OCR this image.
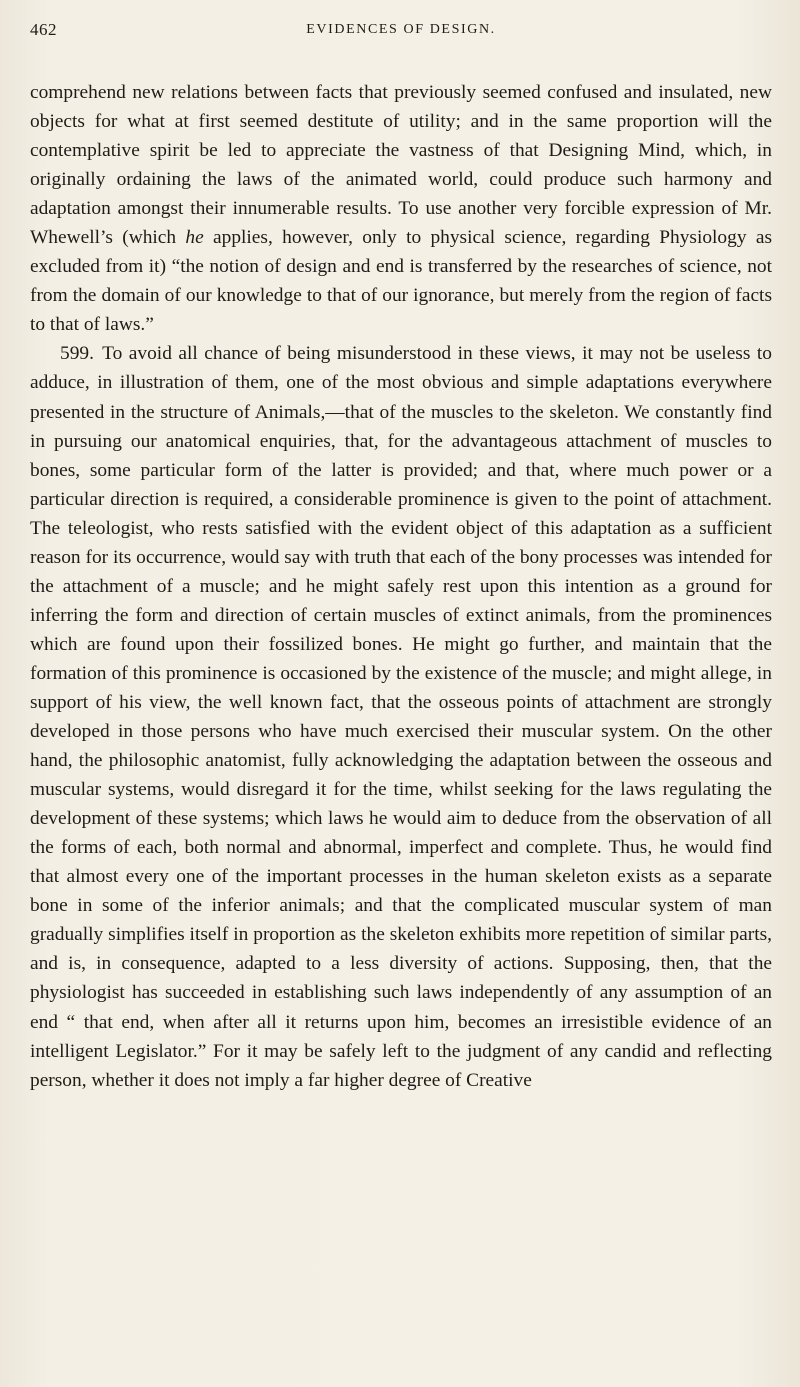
462	EVIDENCES OF DESIGN.

comprehend new relations between facts that previously seemed confused and insulated, new objects for what at first seemed destitute of utility; and in the same proportion will the contemplative spirit be led to appreciate the vastness of that Designing Mind, which, in originally ordaining the laws of the animated world, could produce such harmony and adaptation amongst their innumerable results. To use another very forcible expression of Mr. Whewell’s (which he applies, however, only to physical science, regarding Physiology as excluded from it) “the notion of design and end is transferred by the researches of science, not from the domain of our knowledge to that of our ignorance, but merely from the region of facts to that of laws.”

599. To avoid all chance of being misunderstood in these views, it may not be useless to adduce, in illustration of them, one of the most obvious and simple adaptations everywhere presented in the structure of Animals,—that of the muscles to the skeleton. We constantly find in pursuing our anatomical enquiries, that, for the advantageous attachment of muscles to bones, some particular form of the latter is provided; and that, where much power or a particular direction is required, a considerable prominence is given to the point of attachment. The teleologist, who rests satisfied with the evident object of this adaptation as a sufficient reason for its occurrence, would say with truth that each of the bony processes was intended for the attachment of a muscle; and he might safely rest upon this intention as a ground for inferring the form and direction of certain muscles of extinct animals, from the prominences which are found upon their fossilized bones. He might go further, and maintain that the formation of this prominence is occasioned by the existence of the muscle; and might allege, in support of his view, the well known fact, that the osseous points of attachment are strongly developed in those persons who have much exercised their muscular system. On the other hand, the philosophic anatomist, fully acknowledging the adaptation between the osseous and muscular systems, would disregard it for the time, whilst seeking for the laws regulating the development of these systems; which laws he would aim to deduce from the observation of all the forms of each, both normal and abnormal, imperfect and complete. Thus, he would find that almost every one of the important processes in the human skeleton exists as a separate bone in some of the inferior animals; and that the complicated muscular system of man gradually simplifies itself in proportion as the skeleton exhibits more repetition of similar parts, and is, in consequence, adapted to a less diversity of actions. Supposing, then, that the physiologist has succeeded in establishing such laws independently of any assumption of an end “ that end, when after all it returns upon him, becomes an irresistible evidence of an intelligent Legislator.” For it may be safely left to the judgment of any candid and reflecting person, whether it does not imply a far higher degree of Creative
